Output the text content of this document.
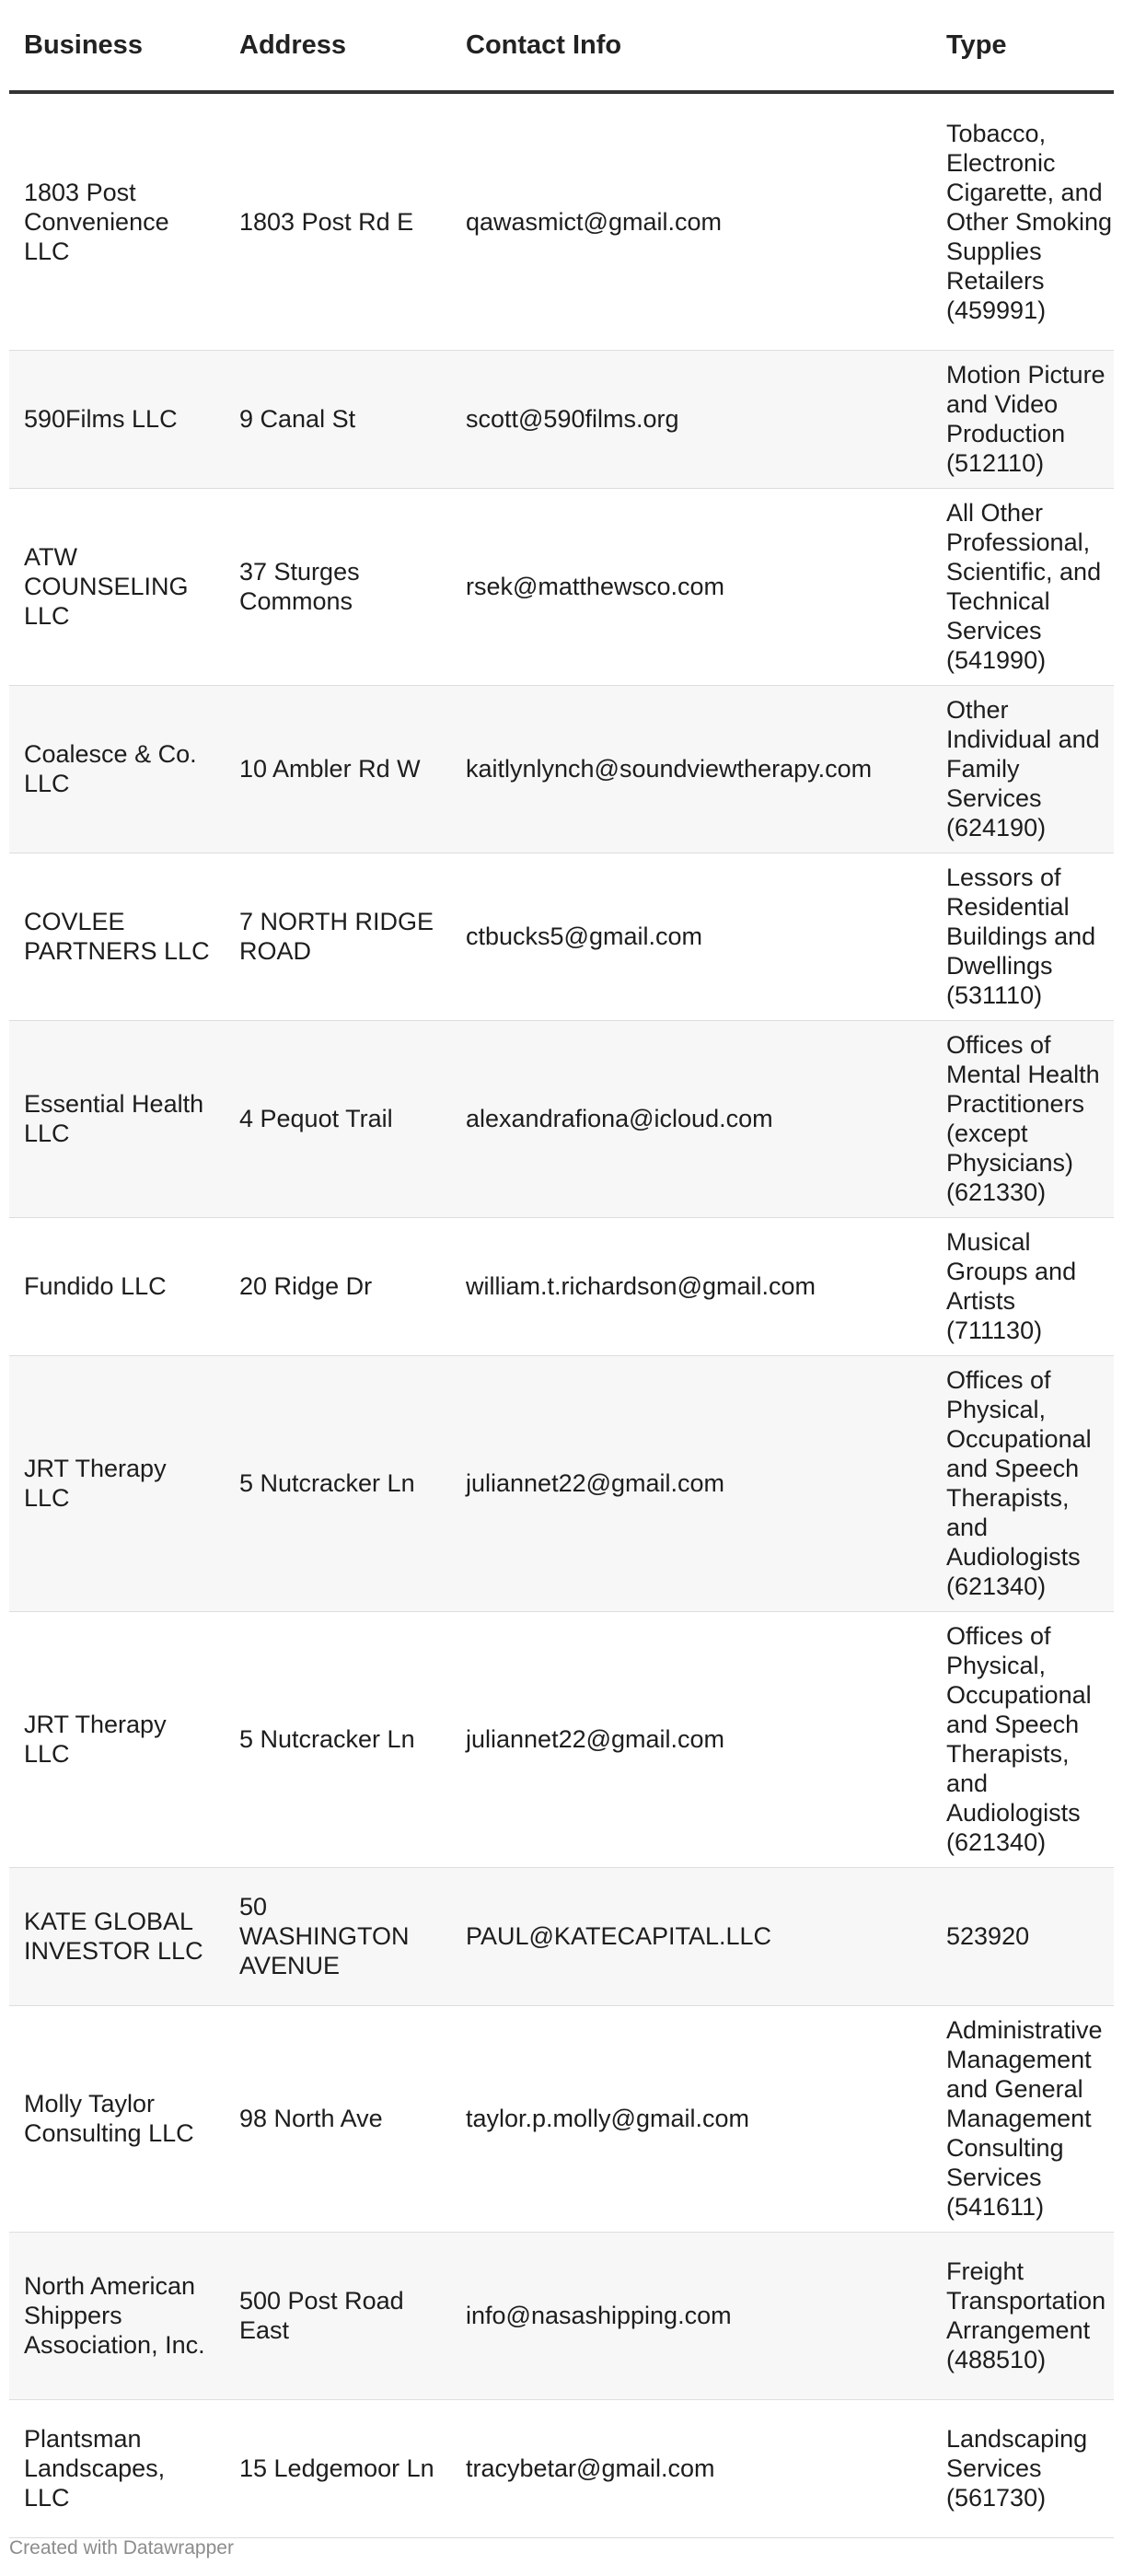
Business	Address	Contact Info	Type
1803 Post Convenience LLC	1803 Post Rd E	qawasmict@gmail.com	Tobacco, Electronic Cigarette, and Other Smoking Supplies Retailers (459991)
590Films LLC	9 Canal St	scott@590films.org	Motion Picture and Video Production (512110)
ATW COUNSELING LLC	37 Sturges Commons	rsek@matthewsco.com	All Other Professional, Scientific, and Technical Services (541990)
Coalesce & Co. LLC	10 Ambler Rd W	kaitlynlynch@soundviewtherapy.com	Other Individual and Family Services (624190)
COVLEE PARTNERS LLC	7 NORTH RIDGE ROAD	ctbucks5@gmail.com	Lessors of Residential Buildings and Dwellings (531110)
Essential Health LLC	4 Pequot Trail	alexandrafiona@icloud.com	Offices of Mental Health Practitioners (except Physicians) (621330)
Fundido LLC	20 Ridge Dr	william.t.richardson@gmail.com	Musical Groups and Artists (711130)
JRT Therapy LLC	5 Nutcracker Ln	juliannet22@gmail.com	Offices of Physical, Occupational and Speech Therapists, and Audiologists (621340)
JRT Therapy LLC	5 Nutcracker Ln	juliannet22@gmail.com	Offices of Physical, Occupational and Speech Therapists, and Audiologists (621340)
KATE GLOBAL INVESTOR LLC	50 WASHINGTON AVENUE	PAUL@KATECAPITAL.LLC	523920
Molly Taylor Consulting LLC	98 North Ave	taylor.p.molly@gmail.com	Administrative Management and General Management Consulting Services (541611)
North American Shippers Association, Inc.	500 Post Road East	info@nasashipping.com	Freight Transportation Arrangement (488510)
Plantsman Landscapes, LLC	15 Ledgemoor Ln	tracybetar@gmail.com	Landscaping Services (561730)
Created with Datawrapper
